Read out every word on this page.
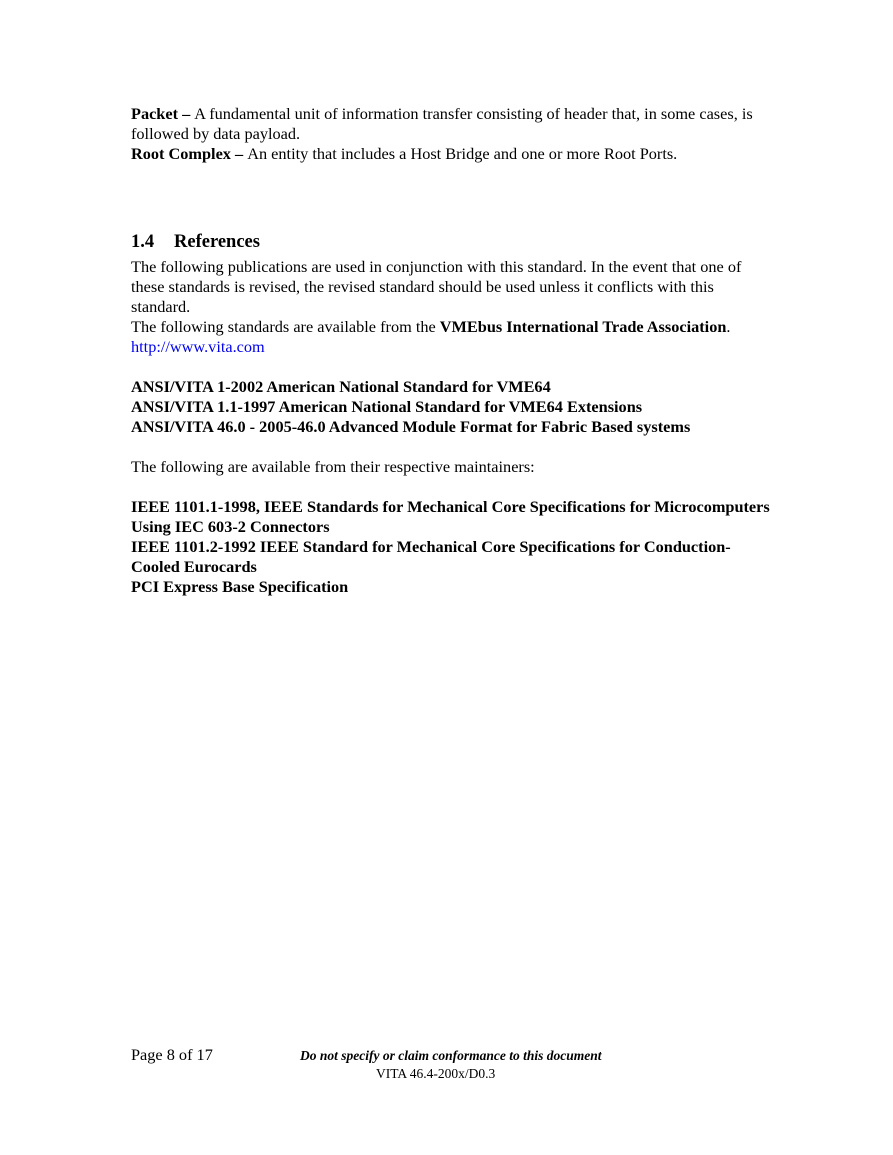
Packet – A fundamental unit of information transfer consisting of header that, in some cases, is followed by data payload.

Root Complex – An entity that includes a Host Bridge and one or more Root Ports.

1.4 References

The following publications are used in conjunction with this standard. In the event that one of these standards is revised, the revised standard should be used unless it conflicts with this standard.

The following standards are available from the VMEbus International Trade Association. http://www.vita.com

ANSI/VITA 1-2002 American National Standard for VME64

ANSI/VITA 1.1-1997 American National Standard for VME64 Extensions

ANSI/VITA 46.0 - 2005-46.0 Advanced Module Format for Fabric Based systems

The following are available from their respective maintainers:

IEEE 1101.1-1998, IEEE Standards for Mechanical Core Specifications for Microcomputers Using IEC 603-2 Connectors

IEEE 1101.2-1992 IEEE Standard for Mechanical Core Specifications for Conduction-Cooled Eurocards

PCI Express Base Specification

Page 8 of 17	Do not specify or claim conformance to this document
VITA 46.4-200x/D0.3
